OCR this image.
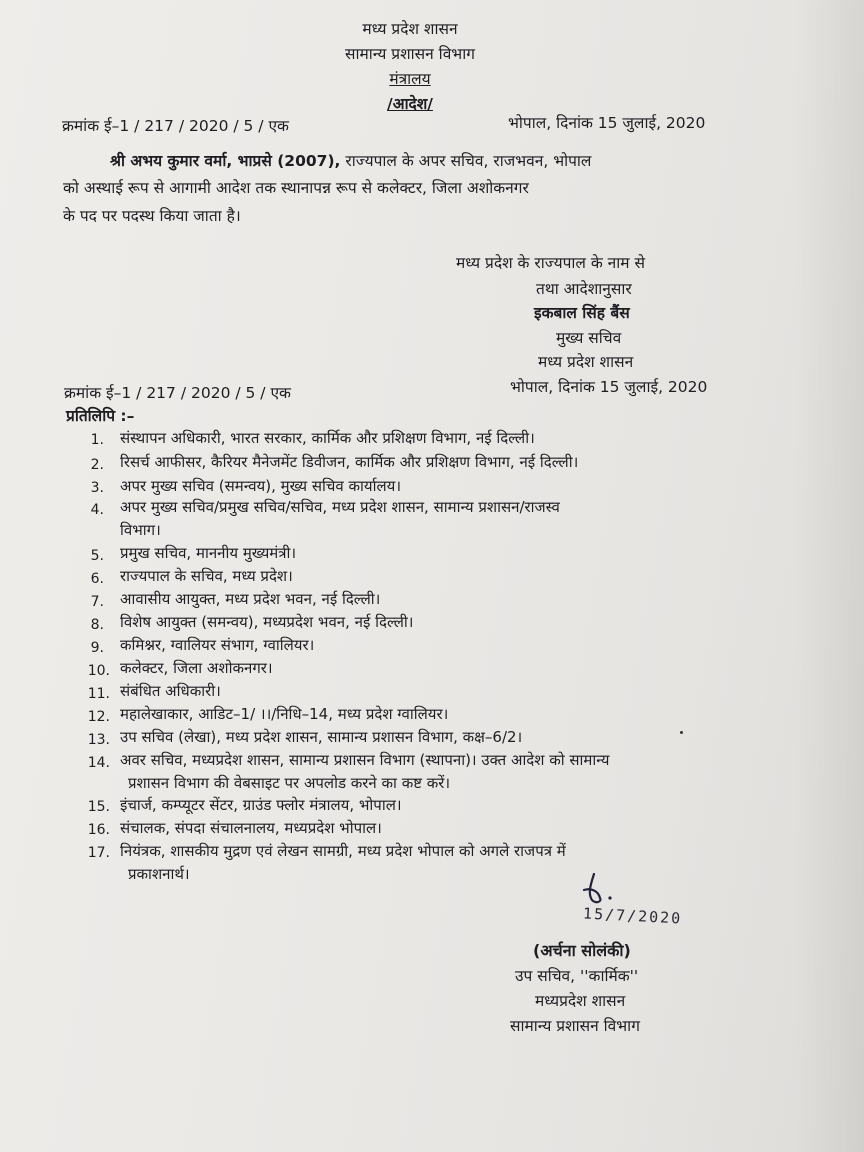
मध्य प्रदेश शासन
सामान्य प्रशासन विभाग
मंत्रालय
/आदेश/
क्रमांक ई–1 / 217 / 2020 / 5 / एक	भोपाल, दिनांक 15 जुलाई, 2020
श्री अभय कुमार वर्मा, भाप्रसे (2007), राज्यपाल के अपर सचिव, राजभवन, भोपाल
को अस्थाई रूप से आगामी आदेश तक स्थानापन्न रूप से कलेक्टर, जिला अशोकनगर
के पद पर पदस्थ किया जाता है।
मध्य प्रदेश के राज्यपाल के नाम से
तथा आदेशानुसार
इकबाल सिंह बैंस
मुख्य सचिव
मध्य प्रदेश शासन
क्रमांक ई–1 / 217 / 2020 / 5 / एक	भोपाल, दिनांक 15 जुलाई, 2020
प्रतिलिपि :–
1. संस्थापन अधिकारी, भारत सरकार, कार्मिक और प्रशिक्षण विभाग, नई दिल्ली।
2. रिसर्च आफीसर, कैरियर मैनेजमेंट डिवीजन, कार्मिक और प्रशिक्षण विभाग, नई दिल्ली।
3. अपर मुख्य सचिव (समन्वय), मुख्य सचिव कार्यालय।
4. अपर मुख्य सचिव/प्रमुख सचिव/सचिव, मध्य प्रदेश शासन, सामान्य प्रशासन/राजस्व
विभाग।
5. प्रमुख सचिव, माननीय मुख्यमंत्री।
6. राज्यपाल के सचिव, मध्य प्रदेश।
7. आवासीय आयुक्त, मध्य प्रदेश भवन, नई दिल्ली।
8. विशेष आयुक्त (समन्वय), मध्यप्रदेश भवन, नई दिल्ली।
9. कमिश्नर, ग्वालियर संभाग, ग्वालियर।
10. कलेक्टर, जिला अशोकनगर।
11. संबंधित अधिकारी।
12. महालेखाकार, आडिट–1/ ।।/निधि–14, मध्य प्रदेश ग्वालियर।
13. उप सचिव (लेखा), मध्य प्रदेश शासन, सामान्य प्रशासन विभाग, कक्ष–6/2।
14. अवर सचिव, मध्यप्रदेश शासन, सामान्य प्रशासन विभाग (स्थापना)। उक्त आदेश को सामान्य
प्रशासन विभाग की वेबसाइट पर अपलोड करने का कष्ट करें।
15. इंचार्ज, कम्प्यूटर सेंटर, ग्राउंड फ्लोर मंत्रालय, भोपाल।
16. संचालक, संपदा संचालनालय, मध्यप्रदेश भोपाल।
17. नियंत्रक, शासकीय मुद्रण एवं लेखन सामग्री, मध्य प्रदेश भोपाल को अगले राजपत्र में
प्रकाशनार्थ।
15/7/2020
(अर्चना सोलंकी)
उप सचिव, ''कार्मिक''
मध्यप्रदेश शासन
सामान्य प्रशासन विभाग
